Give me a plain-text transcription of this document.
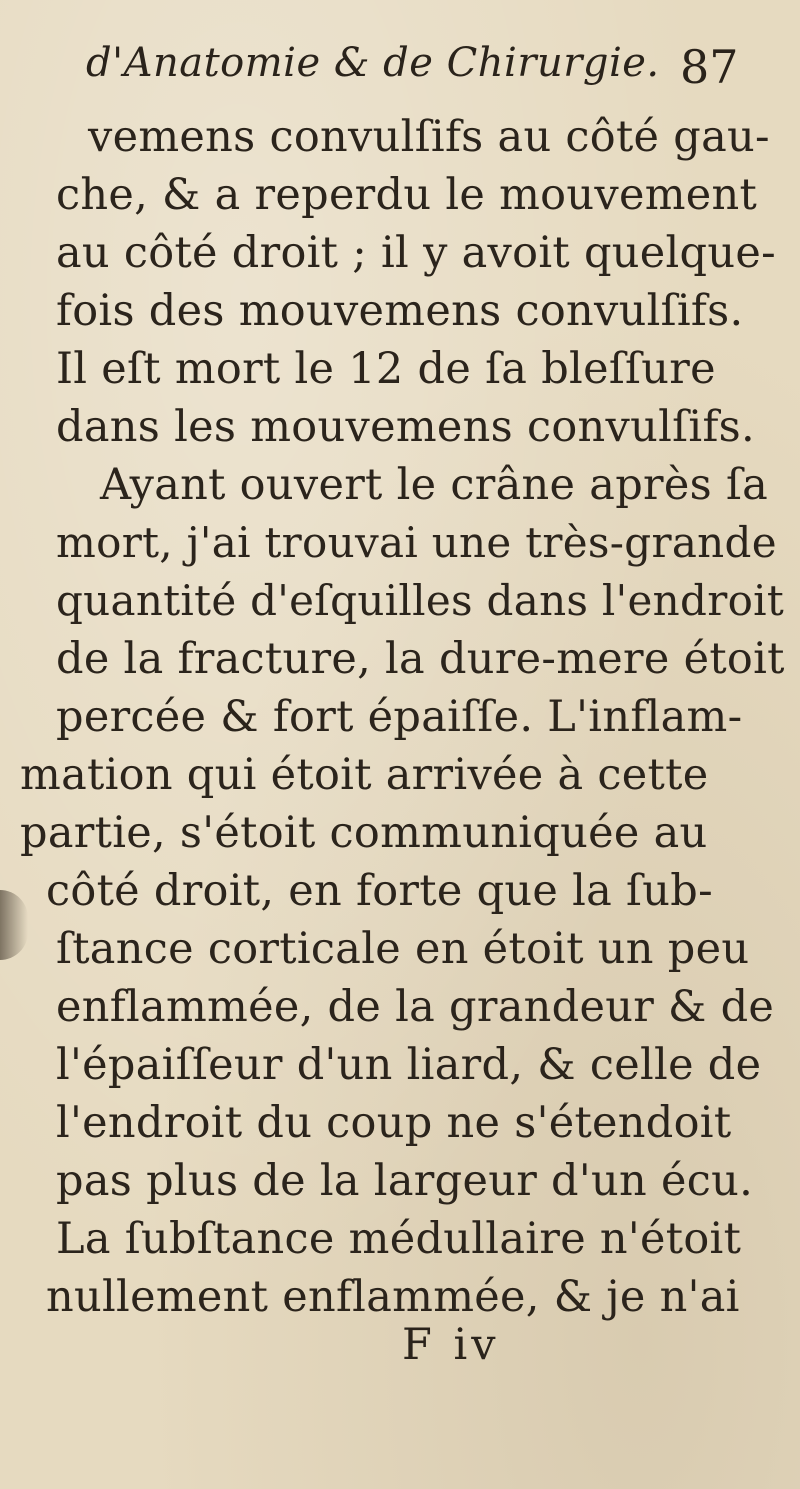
d'Anatomie & de Chirurgie. 87
vemens convulſifs au côté gau-
che, & a reperdu le mouvement
au côté droit ; il y avoit quelque-
fois des mouvemens convulſifs.
Il eſt mort le 12 de ſa bleſſure
dans les mouvemens convulſifs.
Ayant ouvert le crâne après ſa
mort, j'ai trouvai une très-grande
quantité d'eſquilles dans l'endroit
de la fracture, la dure-mere étoit
percée & fort épaiſſe. L'inflam-
mation qui étoit arrivée à cette
partie, s'étoit communiquée au
côté droit, en forte que la ſub-
ſtance corticale en étoit un peu
enflammée, de la grandeur & de
l'épaiſſeur d'un liard, & celle de
l'endroit du coup ne s'étendoit
pas plus de la largeur d'un écu.
La ſubſtance médullaire n'étoit
nullement enflammée, & je n'ai
F iv
